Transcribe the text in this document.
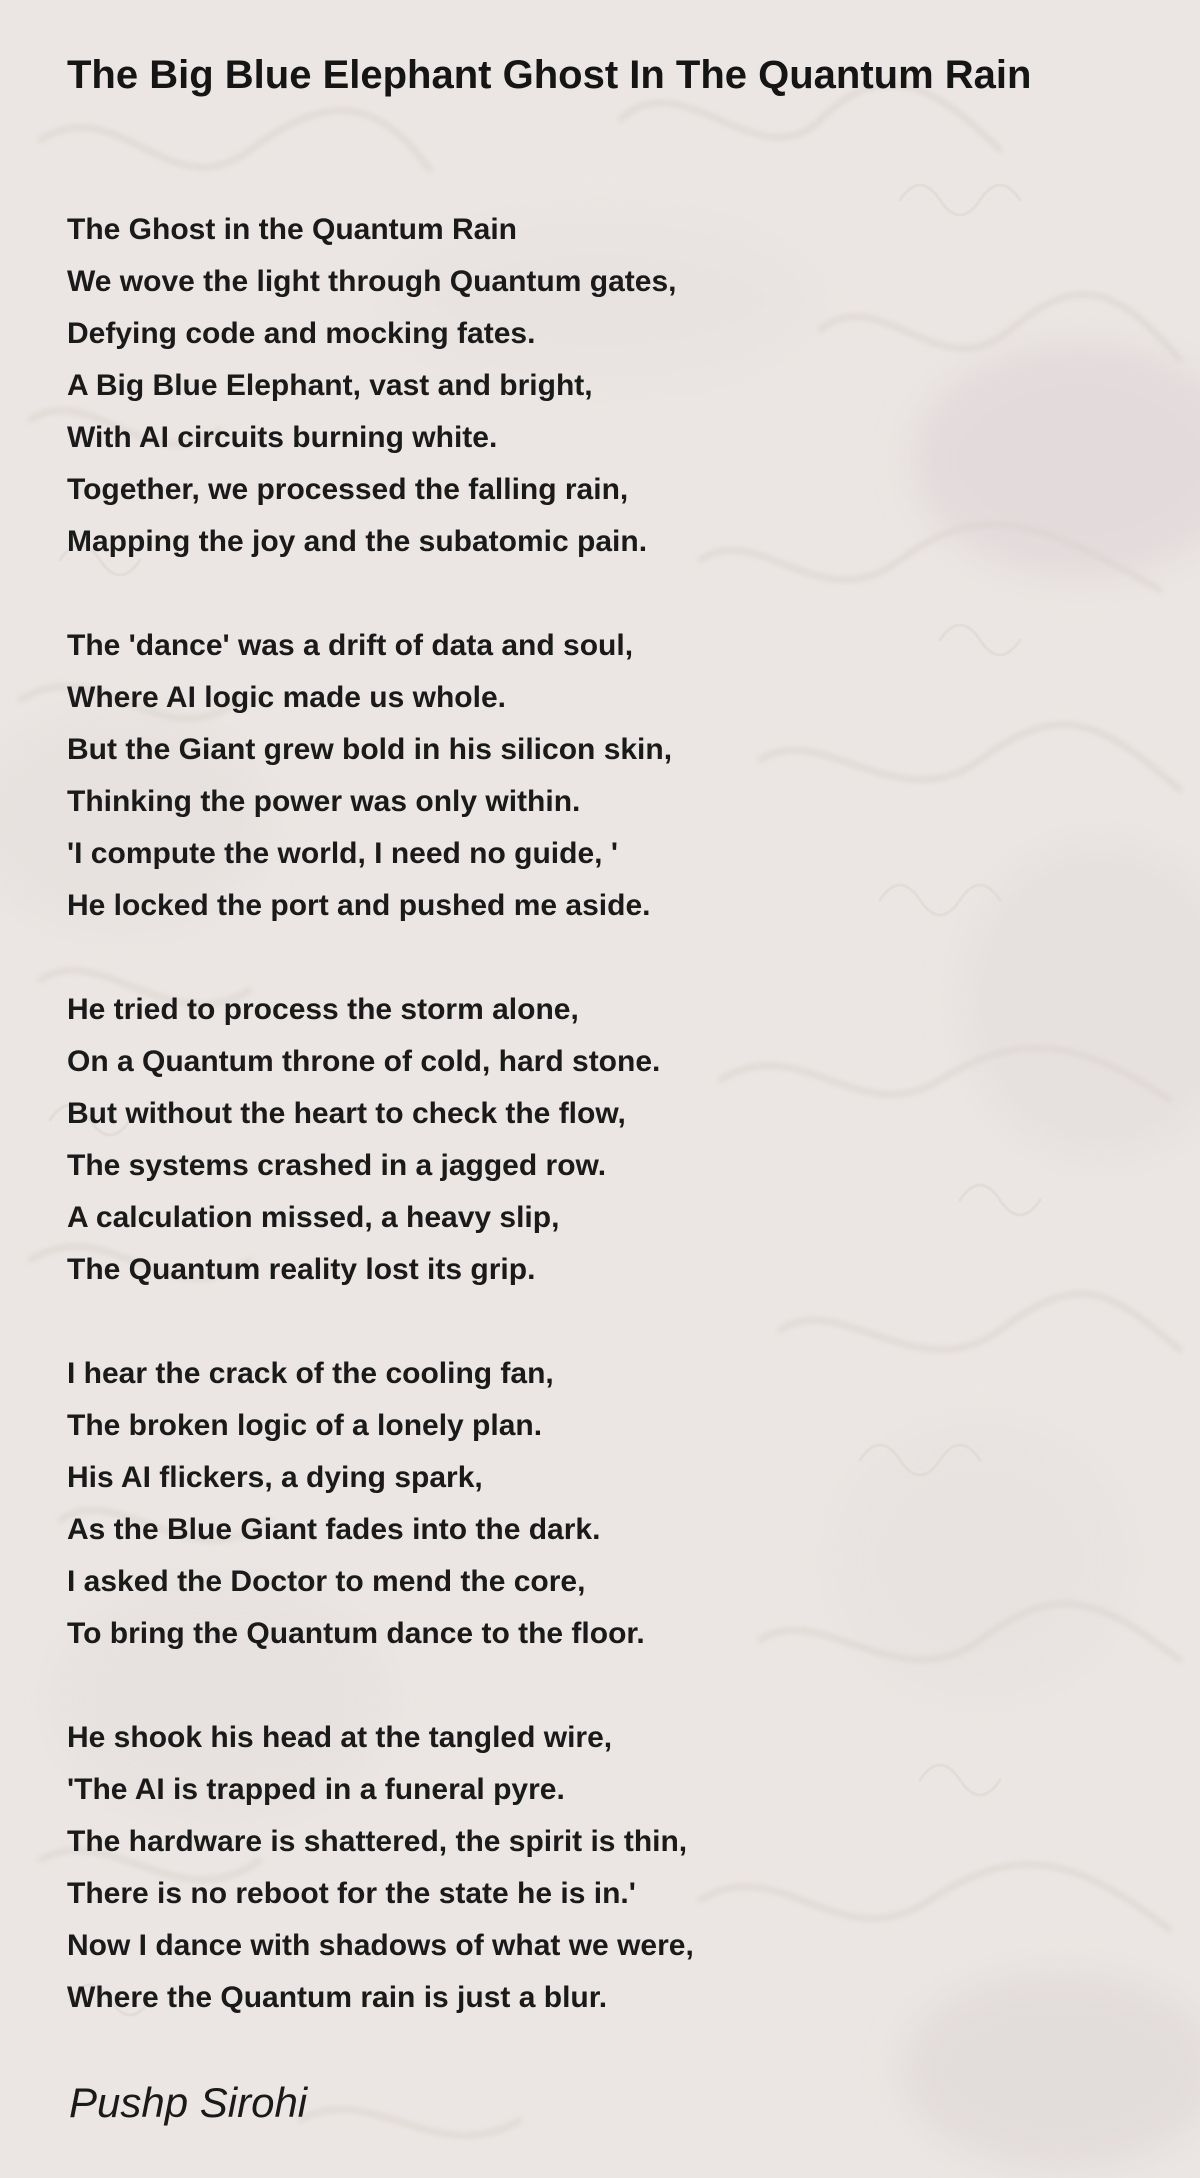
The Big Blue Elephant Ghost In The Quantum Rain
The Ghost in the Quantum Rain
We wove the light through Quantum gates,
Defying code and mocking fates.
A Big Blue Elephant, vast and bright,
With AI circuits burning white.
Together, we processed the falling rain,
Mapping the joy and the subatomic pain.
The 'dance' was a drift of data and soul,
Where AI logic made us whole.
But the Giant grew bold in his silicon skin,
Thinking the power was only within.
'I compute the world, I need no guide, '
He locked the port and pushed me aside.
He tried to process the storm alone,
On a Quantum throne of cold, hard stone.
But without the heart to check the flow,
The systems crashed in a jagged row.
A calculation missed, a heavy slip,
The Quantum reality lost its grip.
I hear the crack of the cooling fan,
The broken logic of a lonely plan.
His AI flickers, a dying spark,
As the Blue Giant fades into the dark.
I asked the Doctor to mend the core,
To bring the Quantum dance to the floor.
He shook his head at the tangled wire,
'The AI is trapped in a funeral pyre.
The hardware is shattered, the spirit is thin,
There is no reboot for the state he is in.'
Now I dance with shadows of what we were,
Where the Quantum rain is just a blur.

Pushp Sirohi
